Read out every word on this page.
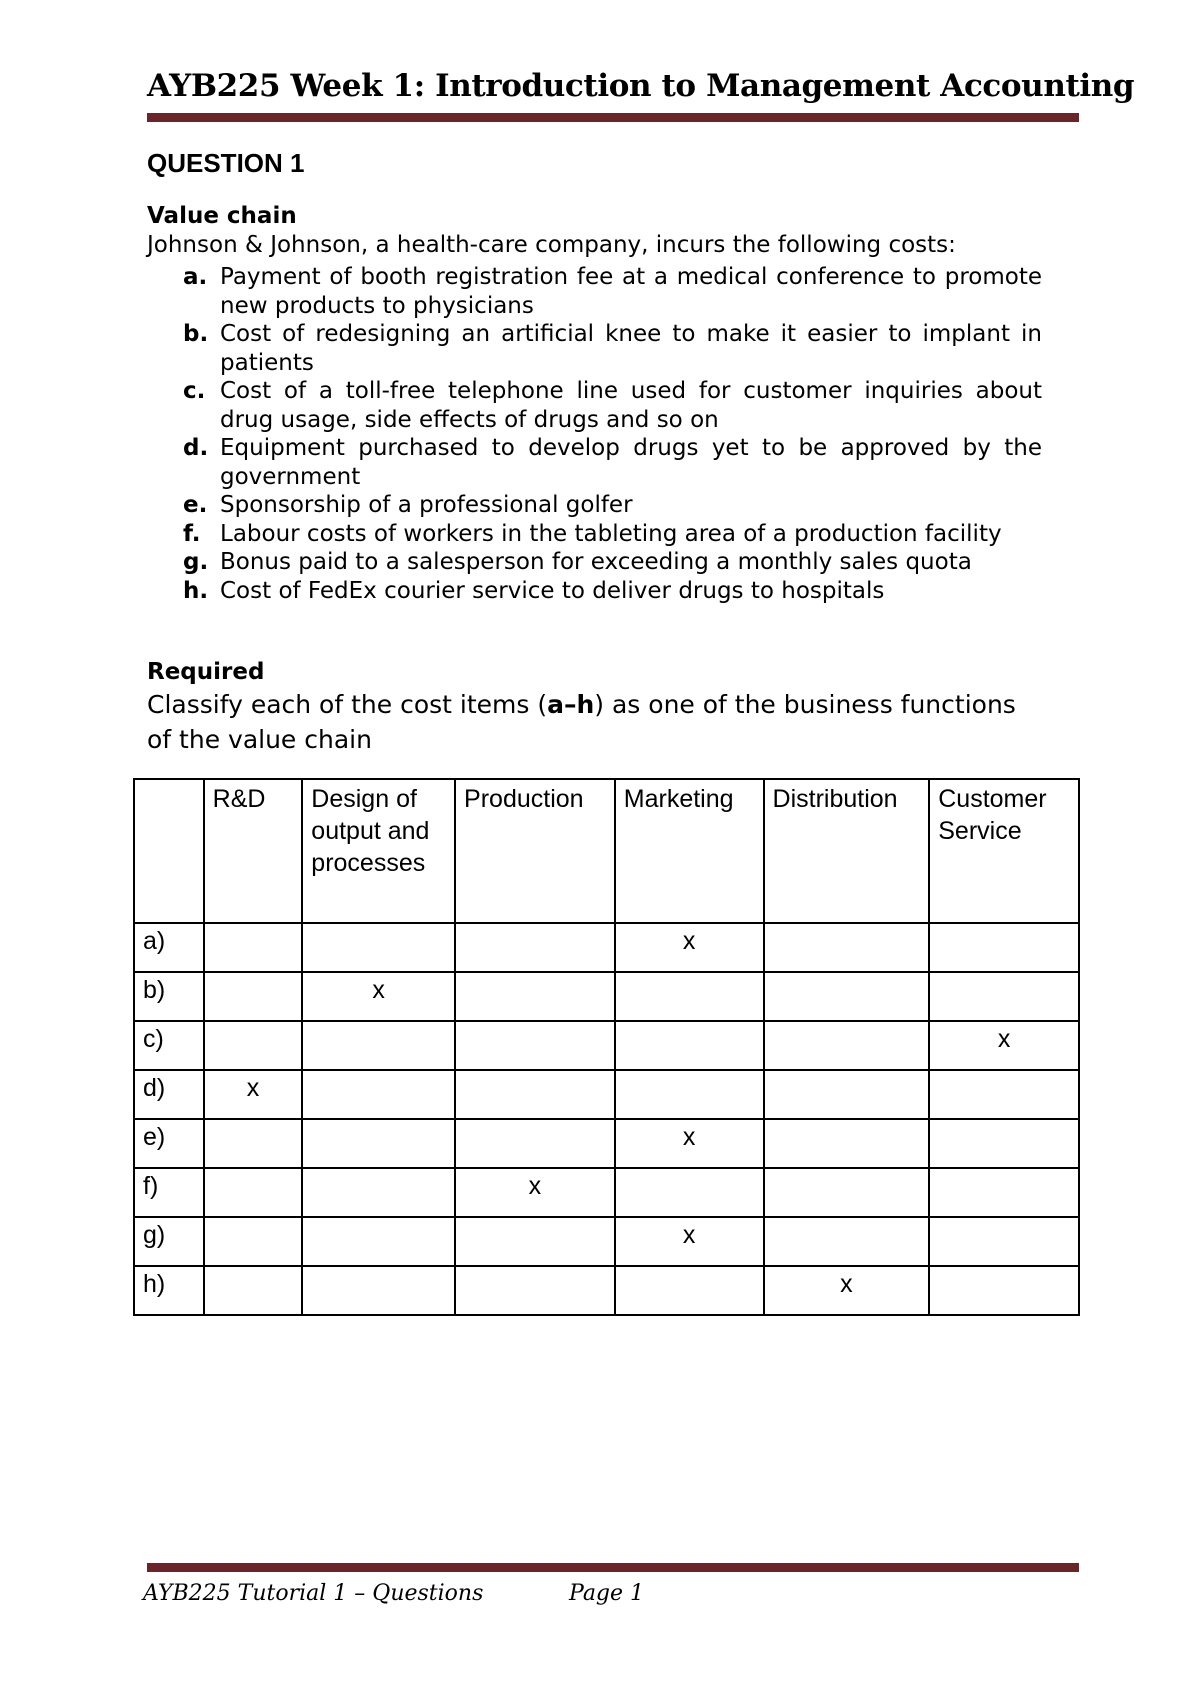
AYB225 Week 1: Introduction to Management Accounting
QUESTION 1
Value chain
Johnson & Johnson, a health-care company, incurs the following costs:
a. Payment of booth registration fee at a medical conference to promote new products to physicians
b. Cost of redesigning an artificial knee to make it easier to implant in patients
c. Cost of a toll-free telephone line used for customer inquiries about drug usage, side effects of drugs and so on
d. Equipment purchased to develop drugs yet to be approved by the government
e. Sponsorship of a professional golfer
f. Labour costs of workers in the tableting area of a production facility
g. Bonus paid to a salesperson for exceeding a monthly sales quota
h. Cost of FedEx courier service to deliver drugs to hospitals
Required
Classify each of the cost items (a–h) as one of the business functions of the value chain
	R&D	Design of output and processes	Production	Marketing	Distribution	Customer Service
a)				x		
b)		x				
c)						x
d)	x					
e)				x		
f)			x			
g)				x		
h)					x	
AYB225 Tutorial 1 – Questions	Page 1
